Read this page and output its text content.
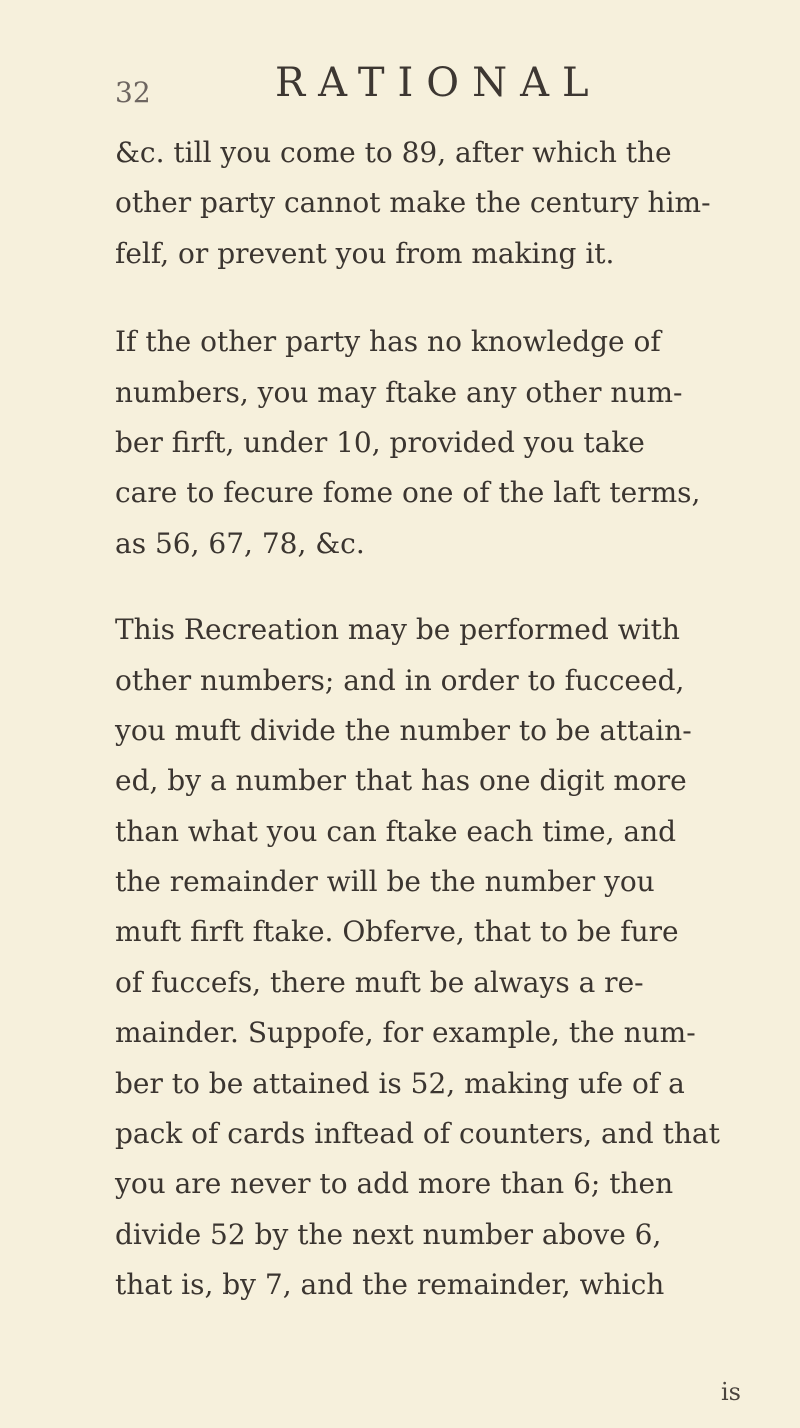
32	RATIONAL
&c. till you come to 89, after which the
other party cannot make the century him-
felf, or prevent you from making it.
If the other party has no knowledge of
numbers, you may ftake any other num-
ber firft, under 10, provided you take
care to fecure fome one of the laft terms,
as 56, 67, 78, &c.
This Recreation may be performed with
other numbers; and in order to fucceed,
you muft divide the number to be attain-
ed, by a number that has one digit more
than what you can ftake each time, and
the remainder will be the number you
muft firft ftake. Obferve, that to be fure
of fuccefs, there muft be always a re-
mainder. Suppofe, for example, the num-
ber to be attained is 52, making ufe of a
pack of cards inftead of counters, and that
you are never to add more than 6; then
divide 52 by the next number above 6,
that is, by 7, and the remainder, which
is
